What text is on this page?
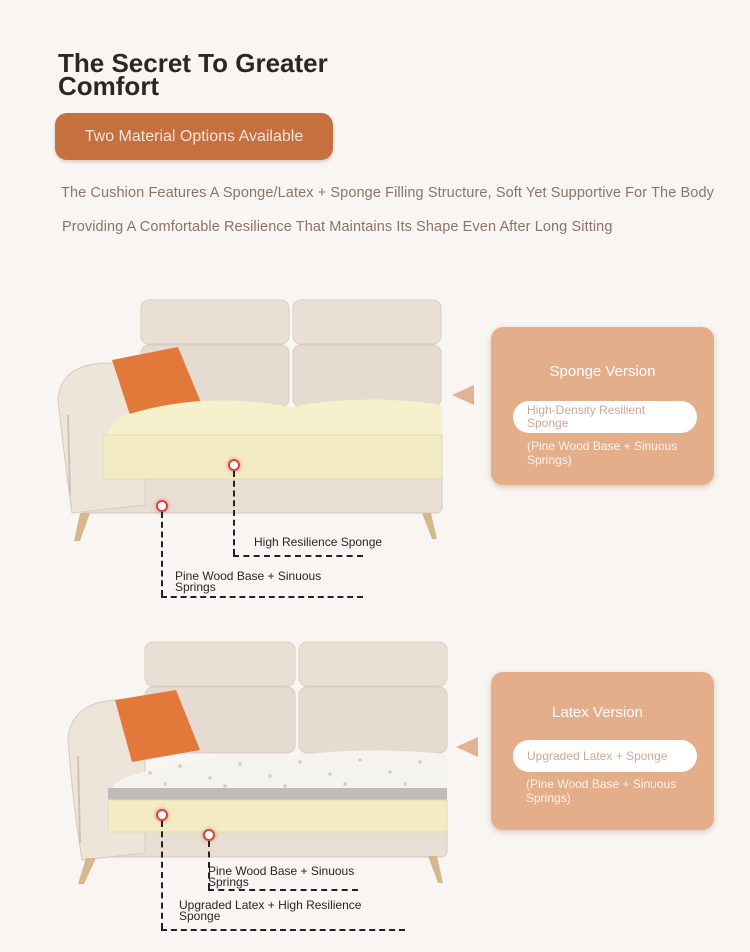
The Secret To Greater
Comfort
Two Material Options Available
The Cushion Features A Sponge/Latex + Sponge Filling Structure, Soft Yet Supportive For The Body
Providing A Comfortable Resilience That Maintains Its Shape Even After Long Sitting
High Resilience Sponge
Pine Wood Base + Sinuous Springs
Sponge Version
High-Density Resilient Sponge
(Pine Wood Base + Sinuous Springs)
Pine Wood Base + Sinuous Springs
Upgraded Latex + High Resilience Sponge
Latex Version
Upgraded Latex + Sponge
(Pine Wood Base + Sinuous Springs)
